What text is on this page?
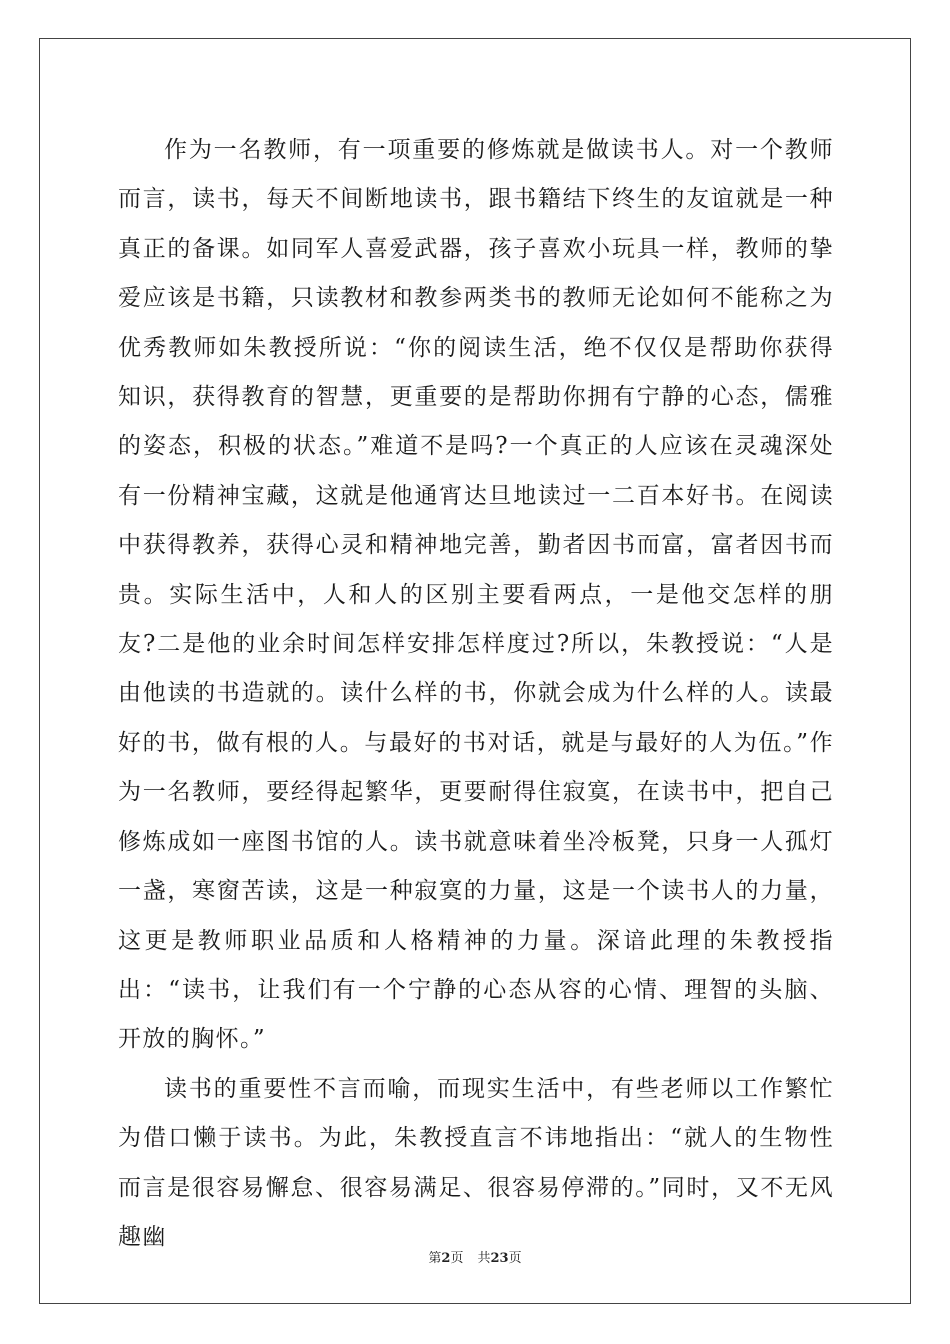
作为一名教师，有一项重要的修炼就是做读书人。对一个教师而言，读书，每天不间断地读书，跟书籍结下终生的友谊就是一种真正的备课。如同军人喜爱武器，孩子喜欢小玩具一样，教师的挚爱应该是书籍，只读教材和教参两类书的教师无论如何不能称之为优秀教师如朱教授所说：“你的阅读生活，绝不仅仅是帮助你获得知识，获得教育的智慧，更重要的是帮助你拥有宁静的心态，儒雅的姿态，积极的状态。”难道不是吗?一个真正的人应该在灵魂深处有一份精神宝藏，这就是他通宵达旦地读过一二百本好书。在阅读中获得教养，获得心灵和精神地完善，勤者因书而富，富者因书而贵。实际生活中，人和人的区别主要看两点，一是他交怎样的朋友?二是他的业余时间怎样安排怎样度过?所以，朱教授说：“人是由他读的书造就的。读什么样的书，你就会成为什么样的人。读最好的书，做有根的人。与最好的书对话，就是与最好的人为伍。”作为一名教师，要经得起繁华，更要耐得住寂寞，在读书中，把自己修炼成如一座图书馆的人。读书就意味着坐冷板凳，只身一人孤灯一盏，寒窗苦读，这是一种寂寞的力量，这是一个读书人的力量，这更是教师职业品质和人格精神的力量。深谙此理的朱教授指出：“读书，让我们有一个宁静的心态从容的心情、理智的头脑、开放的胸怀。”

读书的重要性不言而喻，而现实生活中，有些老师以工作繁忙为借口懒于读书。为此，朱教授直言不讳地指出：“就人的生物性而言是很容易懈怠、很容易满足、很容易停滞的。”同时，又不无风趣幽

第2页 共23页
